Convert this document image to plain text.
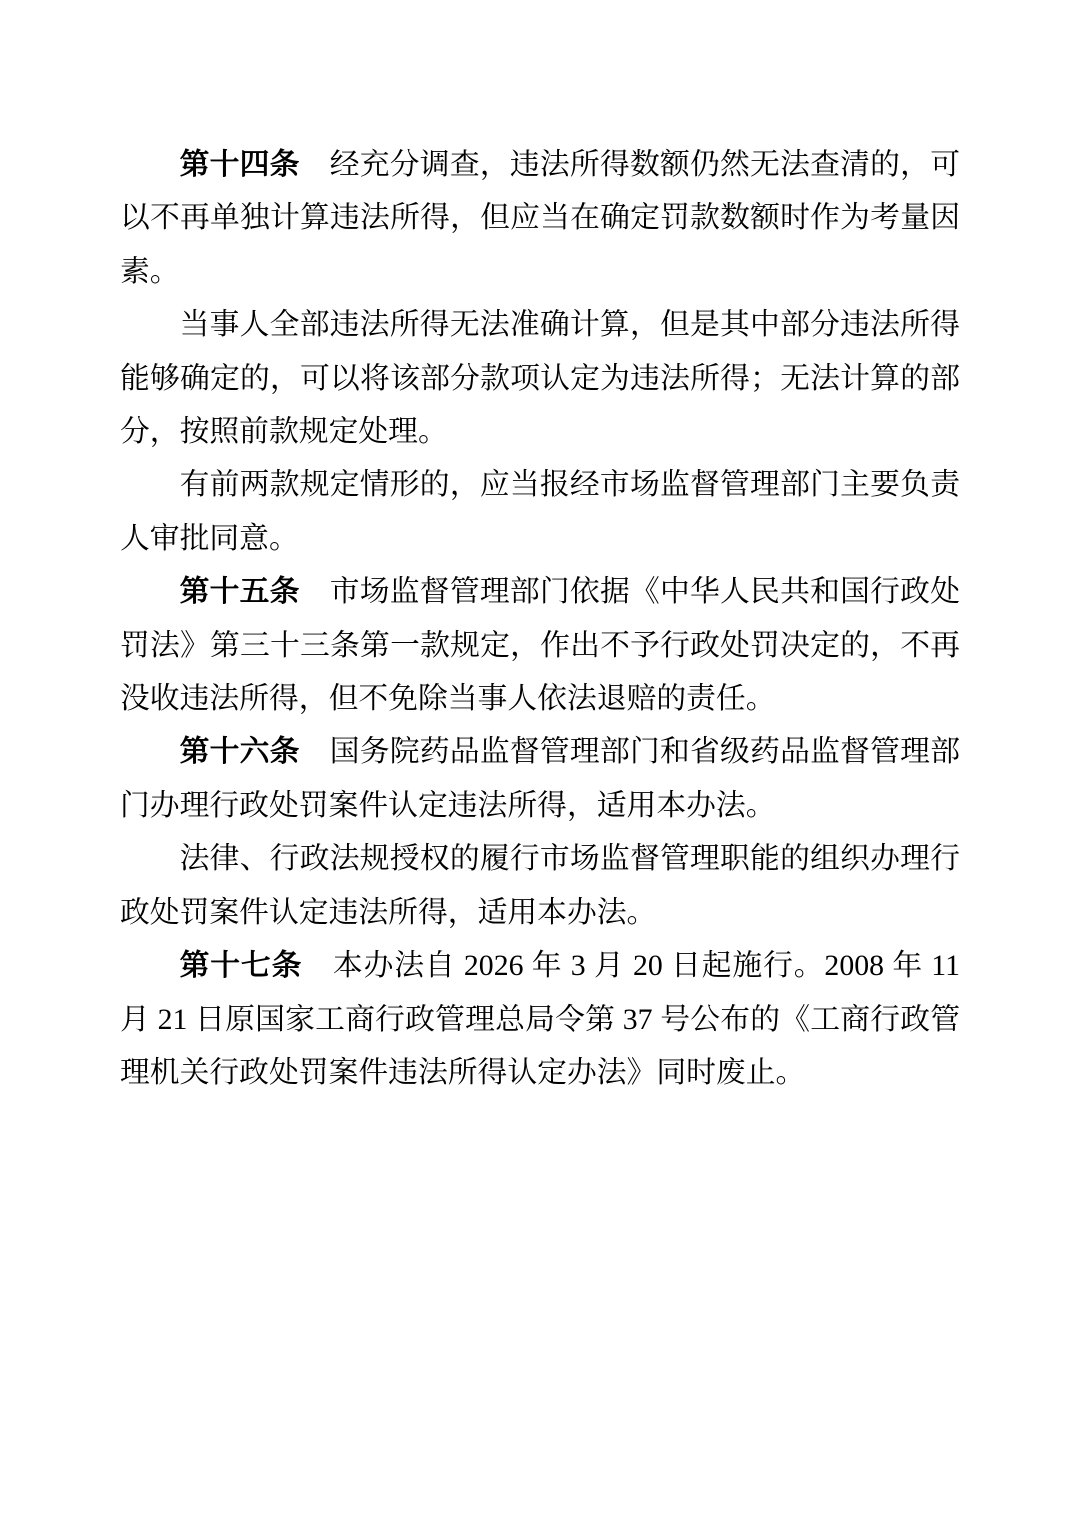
第十四条　经充分调查，违法所得数额仍然无法查清的，可以不再单独计算违法所得，但应当在确定罚款数额时作为考量因素。

当事人全部违法所得无法准确计算，但是其中部分违法所得能够确定的，可以将该部分款项认定为违法所得；无法计算的部分，按照前款规定处理。

有前两款规定情形的，应当报经市场监督管理部门主要负责人审批同意。

第十五条　市场监督管理部门依据《中华人民共和国行政处罚法》第三十三条第一款规定，作出不予行政处罚决定的，不再没收违法所得，但不免除当事人依法退赔的责任。

第十六条　国务院药品监督管理部门和省级药品监督管理部门办理行政处罚案件认定违法所得，适用本办法。

法律、行政法规授权的履行市场监督管理职能的组织办理行政处罚案件认定违法所得，适用本办法。

第十七条　本办法自 2026 年 3 月 20 日起施行。2008 年 11 月 21 日原国家工商行政管理总局令第 37 号公布的《工商行政管理机关行政处罚案件违法所得认定办法》同时废止。
